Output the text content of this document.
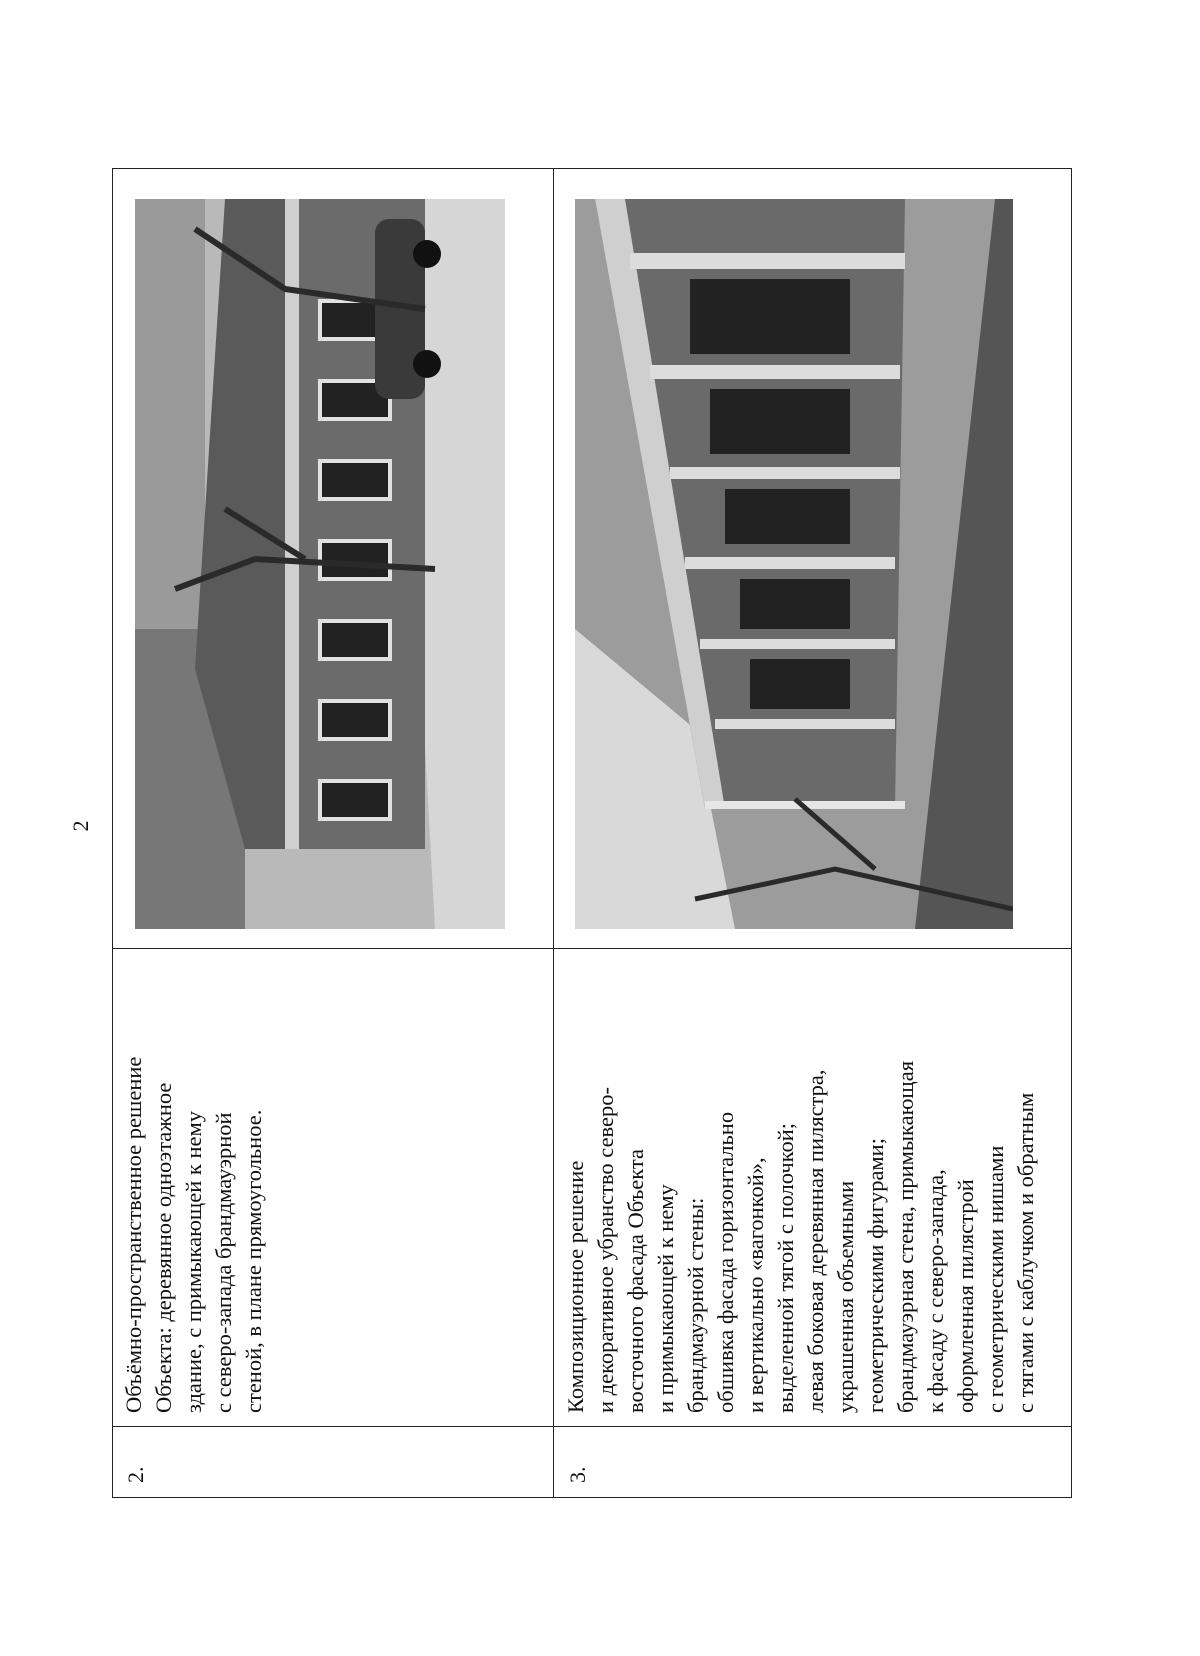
2
2.

Объёмно-пространственное решение Объекта: деревянное одноэтажное здание, с примыкающей к нему с северо-запада брандмауэрной стеной, в плане прямоугольное.

3.

Композиционное решение и декоративное убранство северо- восточного фасада Объекта и примыкающей к нему брандмауэрной стены: обшивка фасада горизонтально и вертикально «вагонкой», выделенной тягой с полочкой; левая боковая деревянная пилястра, украшенная объемными геометрическими фигурами; брандмауэрная стена, примыкающая к фасаду с северо-запада, оформленная пилястрой с геометрическими нишами с тягами с каблучком и обратным
